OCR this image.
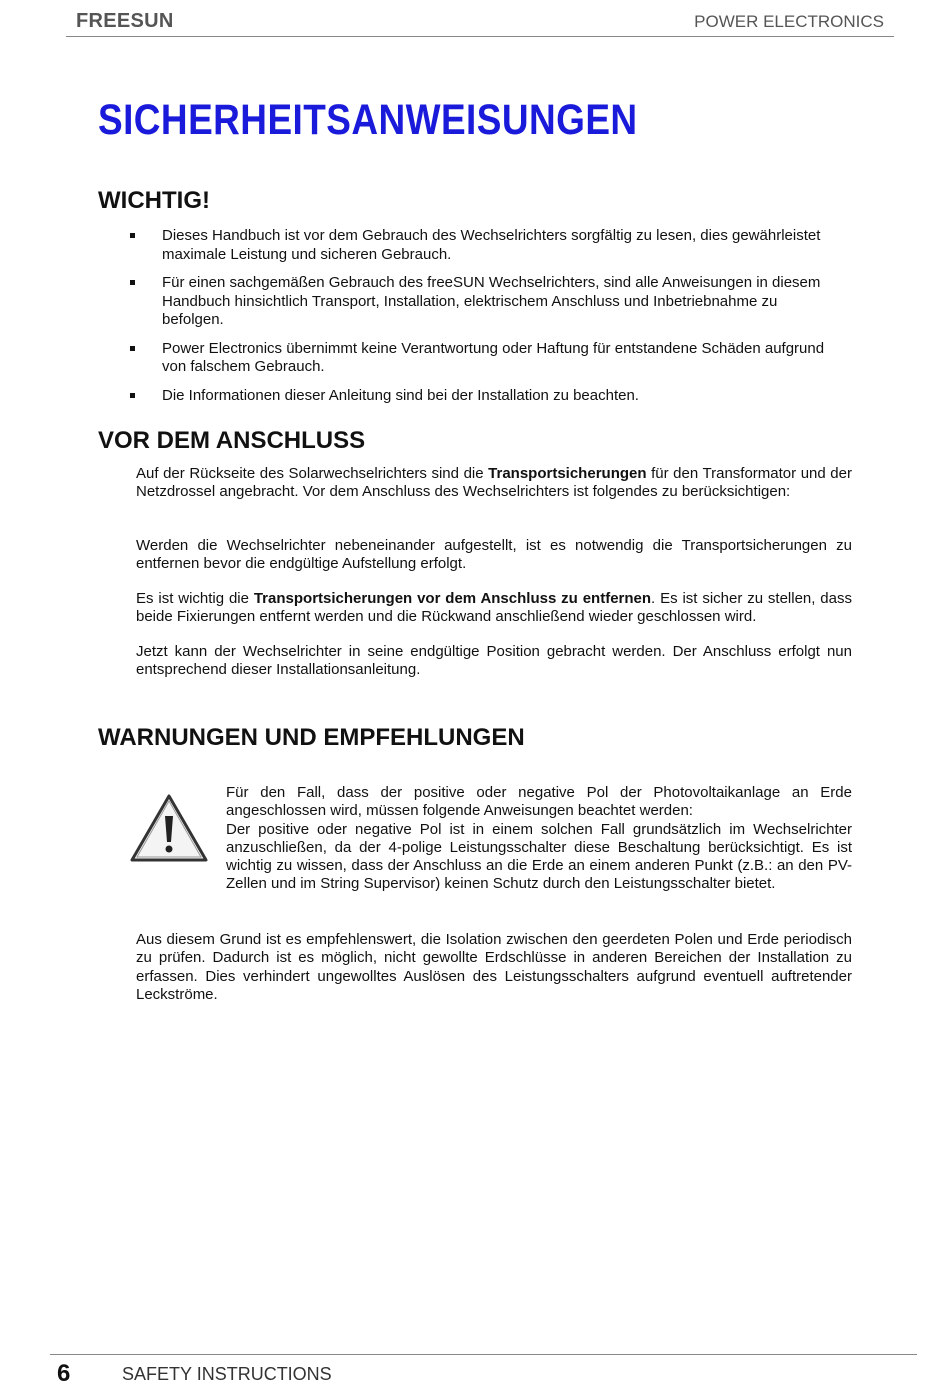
FREESUN	POWER ELECTRONICS
SICHERHEITSANWEISUNGEN
WICHTIG!
Dieses Handbuch ist vor dem Gebrauch des Wechselrichters sorgfältig zu lesen, dies gewährleistet maximale Leistung und sicheren Gebrauch.
Für einen sachgemäßen Gebrauch des freeSUN Wechselrichters, sind alle Anweisungen in diesem Handbuch hinsichtlich Transport, Installation, elektrischem Anschluss und Inbetriebnahme zu befolgen.
Power Electronics übernimmt keine Verantwortung oder Haftung für entstandene Schäden aufgrund von falschem Gebrauch.
Die Informationen dieser Anleitung sind bei der Installation zu beachten.
VOR DEM ANSCHLUSS

Auf der Rückseite des Solarwechselrichters sind die Transportsicherungen für den Transformator und der Netzdrossel angebracht. Vor dem Anschluss des Wechselrichters ist folgendes zu berücksichtigen:

Werden die Wechselrichter nebeneinander aufgestellt, ist es notwendig die Transportsicherungen zu entfernen bevor die endgültige Aufstellung erfolgt.

Es ist wichtig die Transportsicherungen vor dem Anschluss zu entfernen. Es ist sicher zu stellen, dass beide Fixierungen entfernt werden und die Rückwand anschließend wieder geschlossen wird.

Jetzt kann der Wechselrichter in seine endgültige Position gebracht werden. Der Anschluss erfolgt nun entsprechend dieser Installationsanleitung.

WARNUNGEN UND EMPFEHLUNGEN

Für den Fall, dass der positive oder negative Pol der Photovoltaikanlage an Erde angeschlossen wird, müssen folgende Anweisungen beachtet werden:
Der positive oder negative Pol ist in einem solchen Fall grundsätzlich im Wechselrichter anzuschließen, da der 4-polige Leistungsschalter diese Beschaltung berücksichtigt. Es ist wichtig zu wissen, dass der Anschluss an die Erde an einem anderen Punkt (z.B.: an den PV-Zellen und im String Supervisor) keinen Schutz durch den Leistungsschalter bietet.

Aus diesem Grund ist es empfehlenswert, die Isolation zwischen den geerdeten Polen und Erde periodisch zu prüfen. Dadurch ist es möglich, nicht gewollte Erdschlüsse in anderen Bereichen der Installation zu erfassen. Dies verhindert ungewolltes Auslösen des Leistungsschalters aufgrund eventuell auftretender Leckströme.

6	SAFETY INSTRUCTIONS
